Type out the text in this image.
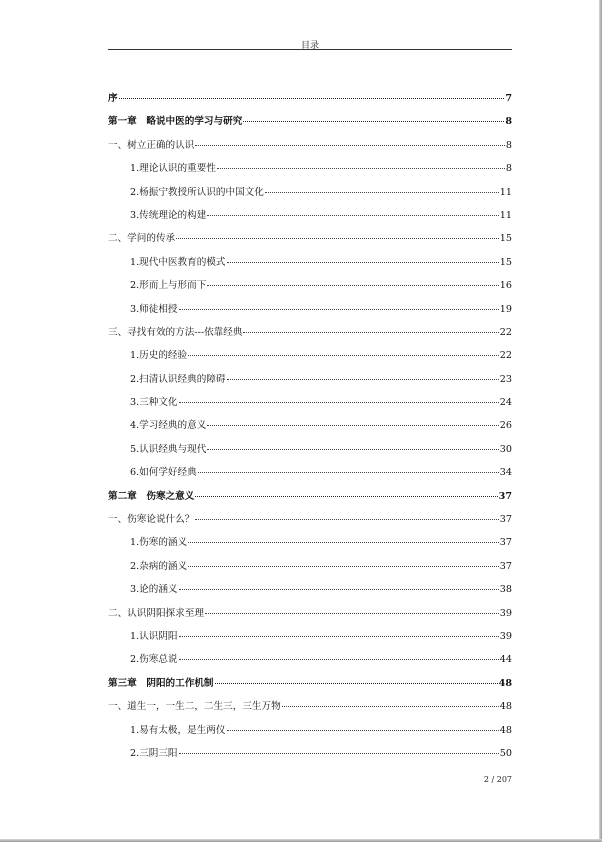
目录
序	7
第一章　略说中医的学习与研究	8
一、树立正确的认识	8
1.理论认识的重要性	8
2.杨振宁教授所认识的中国文化	11
3.传统理论的构建	11
二、学问的传承	15
1.现代中医教育的模式	15
2.形而上与形而下	16
3.师徒相授	19
三、寻找有效的方法---依靠经典	22
1.历史的经验	22
2.扫清认识经典的障碍	23
3.三种文化	24
4.学习经典的意义	26
5.认识经典与现代	30
6.如何学好经典	34
第二章　伤寒之意义	37
一、伤寒论说什么？	37
1.伤寒的涵义	37
2.杂病的涵义	37
3.论的涵义	38
二、认识阴阳探求至理	39
1.认识阴阳	39
2.伤寒总说	44
第三章　阴阳的工作机制	48
一、道生一，一生二，二生三，三生万物	48
1.易有太极，是生两仪	48
2.三阴三阳	50
2 / 207
